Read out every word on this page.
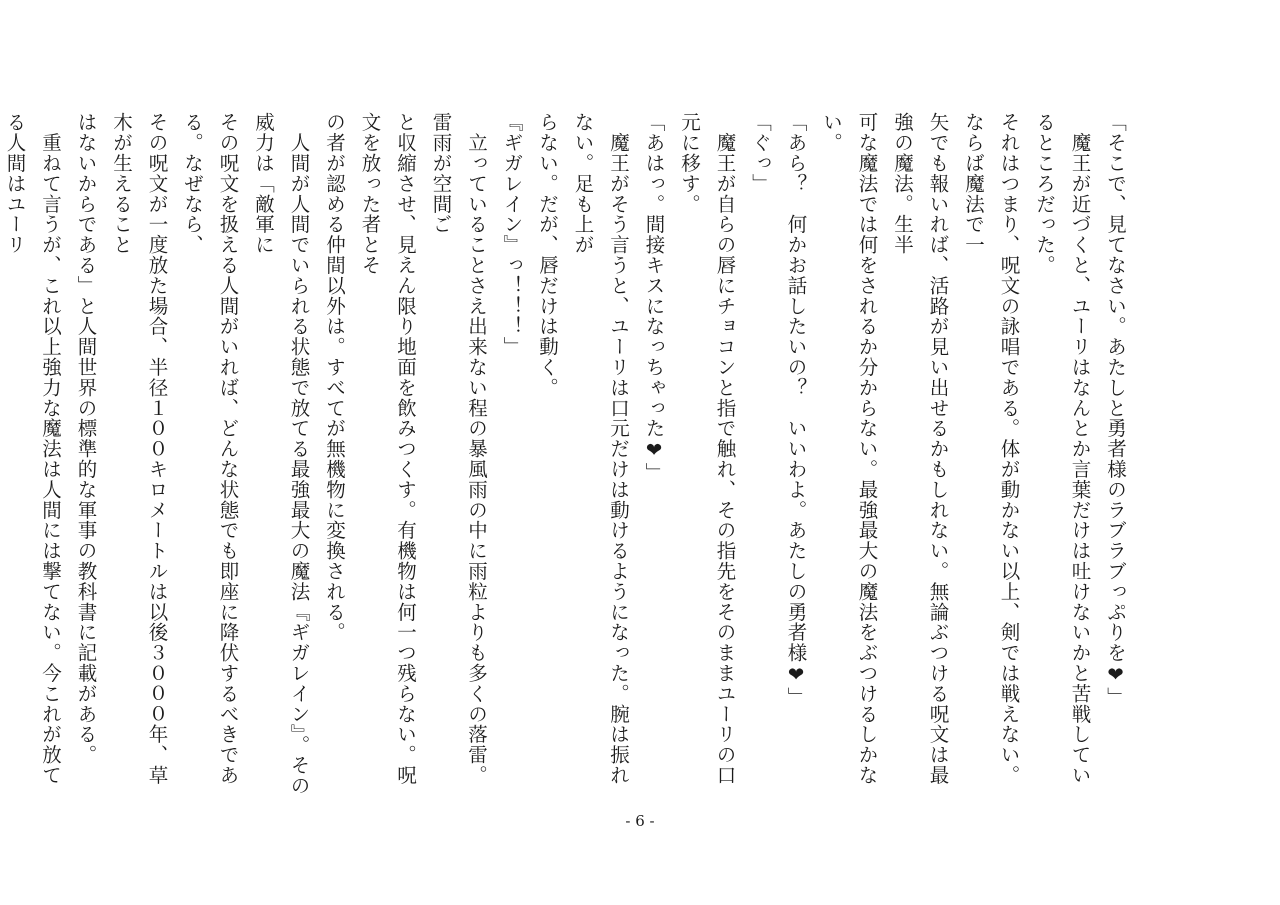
「そこで、見てなさい。あたしと勇者様のラブラブっぷりを❤」
　魔王が近づくと、ユーリはなんとか言葉だけは吐けないかと苦戦しているところだった。
それはつまり、呪文の詠唱である。体が動かない以上、剣では戦えない。ならば魔法で一
矢でも報いれば、活路が見い出せるかもしれない。無論ぶつける呪文は最強の魔法。生半
可な魔法では何をされるか分からない。最強最大の魔法をぶつけるしかない。
「あら？　何かお話したいの？　いいわよ。あたしの勇者様❤」
「ぐっ」
　魔王が自らの唇にチョコンと指で触れ、その指先をそのままユーリの口元に移す。
「あはっ。間接キスになっちゃった❤」
　魔王がそう言うと、ユーリは口元だけは動けるようになった。腕は振れない。足も上が
らない。だが、唇だけは動く。
『ギガレイン』っ！！！」
　立っていることさえ出来ない程の暴風雨の中に雨粒よりも多くの落雷。雷雨が空間ご
と収縮させ、見えん限り地面を飲みつくす。有機物は何一つ残らない。呪文を放った者とそ
の者が認める仲間以外は。すべてが無機物に変換される。
　人間が人間でいられる状態で放てる最強最大の魔法『ギガレイン』。その威力は「敵軍に
その呪文を扱える人間がいれば、どんな状態でも即座に降伏するべきである。なぜなら、
その呪文が一度放た場合、半径１００キロメートルは以後３０００年、草木が生えること
はないからである」と人間世界の標準的な軍事の教科書に記載がある。
　重ねて言うが、これ以上強力な魔法は人間には撃てない。今これが放てる人間はユーリ
- 6 -
